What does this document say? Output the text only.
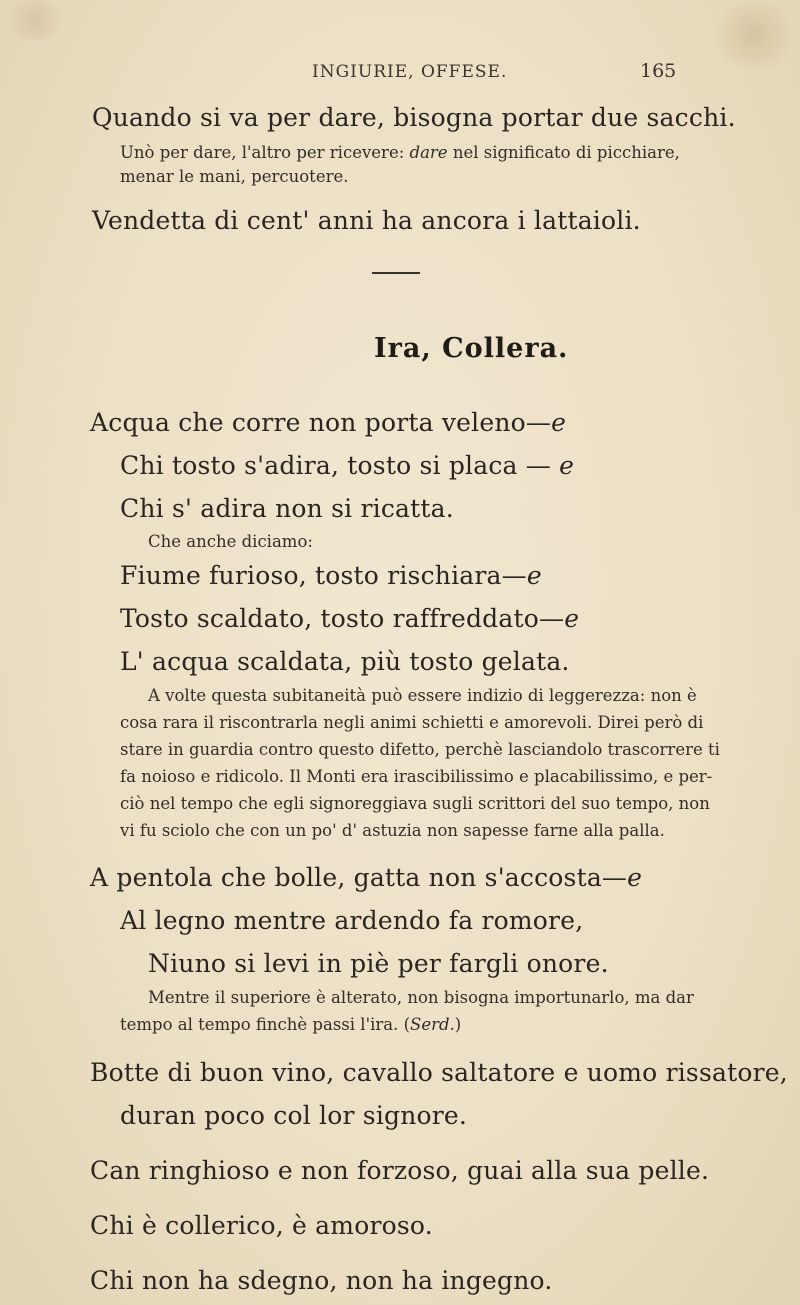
INGIURIE, OFFESE.	165
Quando si va per dare, bisogna portar due sacchi.
Unò per dare, l'altro per ricevere: dare nel significato di picchiare,
menar le mani, percuotere.
Vendetta di cent' anni ha ancora i lattaioli.
Ira, Collera.
Acqua che corre non porta veleno—e
Chi tosto s'adira, tosto si placa — e
Chi s' adira non si ricatta.
Che anche diciamo:
Fiume furioso, tosto rischiara—e
Tosto scaldato, tosto raffreddato—e
L' acqua scaldata, più tosto gelata.
A volte questa subitaneità può essere indizio di leggerezza: non è
cosa rara il riscontrarla negli animi schietti e amorevoli. Direi però di
stare in guardia contro questo difetto, perchè lasciandolo trascorrere ti
fa noioso e ridicolo. Il Monti era irascibilissimo e placabilissimo, e per-
ciò nel tempo che egli signoreggiava sugli scrittori del suo tempo, non
vi fu sciolo che con un po' d' astuzia non sapesse farne alla palla.
A pentola che bolle, gatta non s'accosta—e
Al legno mentre ardendo fa romore,
Niuno si levi in piè per fargli onore.
Mentre il superiore è alterato, non bisogna importunarlo, ma dar
tempo al tempo finchè passi l'ira. (Serd.)
Botte di buon vino, cavallo saltatore e uomo rissatore,
duran poco col lor signore.
Can ringhioso e non forzoso, guai alla sua pelle.
Chi è collerico, è amoroso.
Chi non ha sdegno, non ha ingegno.
